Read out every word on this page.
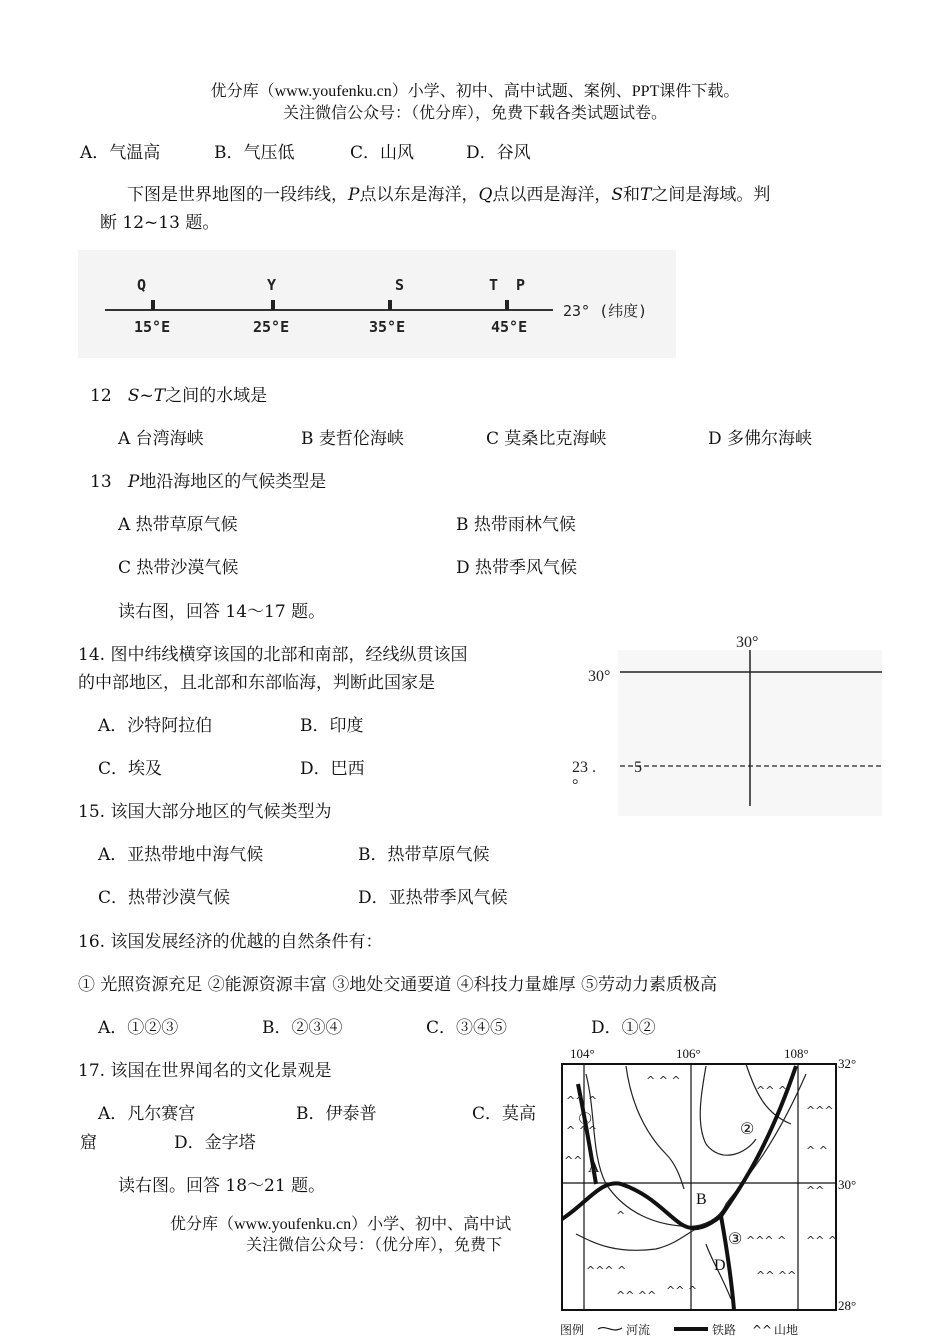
优分库（www.youfenku.cn）小学、初中、高中试题、案例、PPT课件下载。
关注微信公众号：（优分库），免费下载各类试题试卷。
A．气温高	B．气压低	C．山风	D．谷风
下图是世界地图的一段纬线，P点以东是海洋，Q点以西是海洋，S和T之间是海域。判
断 12~13 题。
Q
15°E
Y
25°E
S
35°E
T P
45°E
23° (纬度)
12 S~T之间的水域是
A 台湾海峡	B 麦哲伦海峡	C 莫桑比克海峡	D 多佛尔海峡
13 P地沿海地区的气候类型是
A 热带草原气候	B 热带雨林气候
C 热带沙漠气候	D 热带季风气候
读右图，回答 14～17 题。
14. 图中纬线横穿该国的北部和南部，经线纵贯该国
的中部地区，且北部和东部临海，判断此国家是
A．沙特阿拉伯	B．印度
C．埃及	D．巴西
30°
30°
23 . 5
°
15. 该国大部分地区的气候类型为
A．亚热带地中海气候	B．热带草原气候
C．热带沙漠气候	D．亚热带季风气候
16. 该国发展经济的优越的自然条件有：
① 光照资源充足 ②能源资源丰富 ③地处交通要道 ④科技力量雄厚 ⑤劳动力素质极高
A．①②③	B．②③④	C．③④⑤	D．①②
17. 该国在世界闻名的文化景观是
A．凡尔赛宫	B．伊泰普	C．莫高
窟	D．金字塔
读右图。回答 18～21 题。
优分库（www.youfenku.cn）小学、初中、高中试
关注微信公众号：（优分库），免费下
104°	106°	108°
32°
30°
28°
^^ ^
^ ^^
^^
^ ^ ^
^^ ^
^^^
^ ^
^^
^^ ^
^^^ ^
^^ ^^
^^^ ^
^^ ^^ ^^ ^
^
①
②
③
A
B
D
图例	河流	铁路 ^^ 山地
